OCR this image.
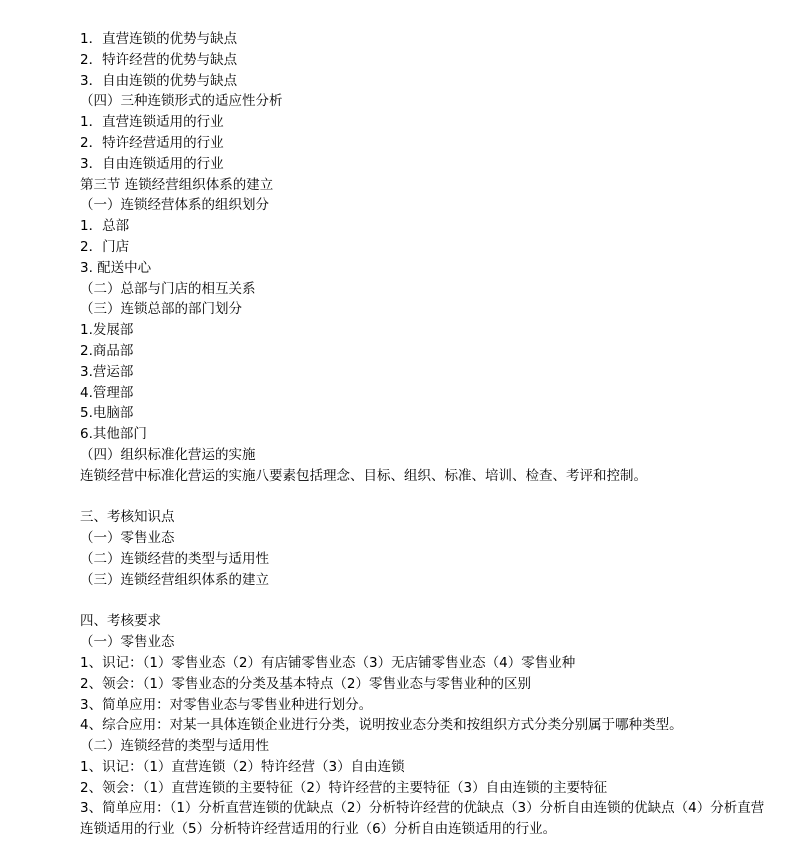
1．直营连锁的优势与缺点
2．特许经营的优势与缺点
3．自由连锁的优势与缺点
（四）三种连锁形式的适应性分析
1．直营连锁适用的行业
2．特许经营适用的行业
3．自由连锁适用的行业
第三节 连锁经营组织体系的建立
（一）连锁经营体系的组织划分
1．总部
2．门店
3. 配送中心
（二）总部与门店的相互关系
（三）连锁总部的部门划分
1.发展部
2.商品部
3.营运部
4.管理部
5.电脑部
6.其他部门
（四）组织标准化营运的实施
连锁经营中标准化营运的实施八要素包括理念、目标、组织、标准、培训、检查、考评和控制。
三、考核知识点
（一）零售业态
（二）连锁经营的类型与适用性
（三）连锁经营组织体系的建立
四、考核要求
（一）零售业态
1、识记：（1）零售业态（2）有店铺零售业态（3）无店铺零售业态（4）零售业种
2、领会：（1）零售业态的分类及基本特点（2）零售业态与零售业种的区别
3、简单应用：对零售业态与零售业种进行划分。
4、综合应用：对某一具体连锁企业进行分类，说明按业态分类和按组织方式分类分别属于哪种类型。
（二）连锁经营的类型与适用性
1、识记：（1）直营连锁（2）特许经营（3）自由连锁
2、领会：（1）直营连锁的主要特征（2）特许经营的主要特征（3）自由连锁的主要特征
3、简单应用：（1）分析直营连锁的优缺点（2）分析特许经营的优缺点（3）分析自由连锁的优缺点（4）分析直营
连锁适用的行业（5）分析特许经营适用的行业（6）分析自由连锁适用的行业。
